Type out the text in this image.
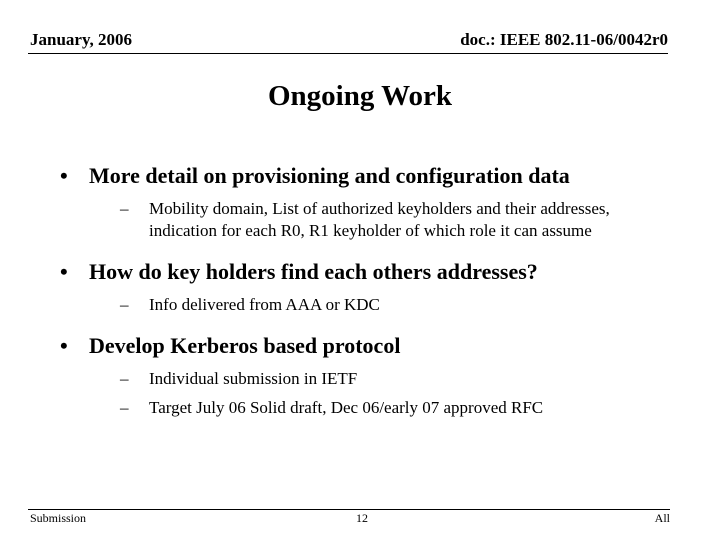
January, 2006	doc.: IEEE 802.11-06/0042r0
Ongoing Work
• More detail on provisioning and configuration data
– Mobility domain, List of authorized keyholders and their addresses, indication for each R0, R1 keyholder of which role it can assume
• How do key holders find each others addresses?
– Info delivered from AAA or KDC
• Develop Kerberos based protocol
– Individual submission in IETF
– Target July 06 Solid draft, Dec 06/early 07 approved RFC
Submission	12	All
